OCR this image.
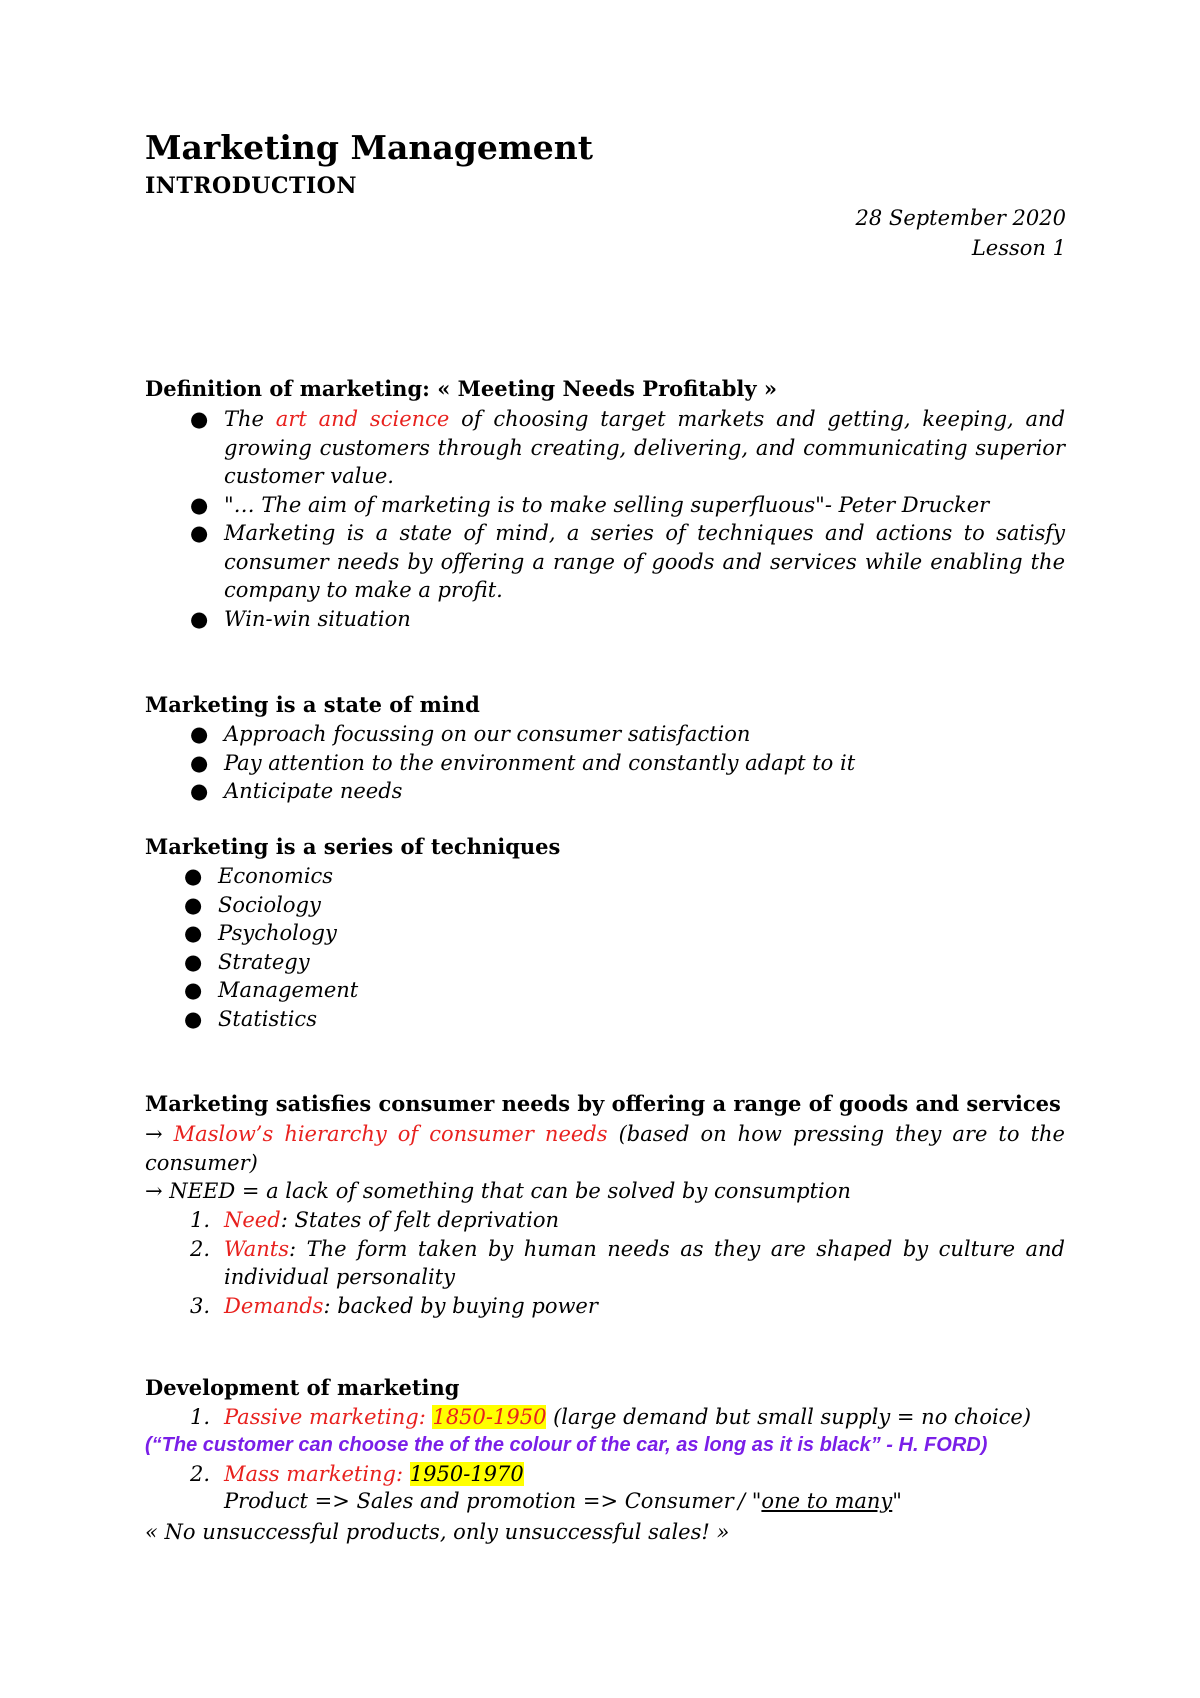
Marketing Management
INTRODUCTION
28 September 2020
Lesson 1
Definition of marketing: « Meeting Needs Profitably »
● The art and science of choosing target markets and getting, keeping, and growing customers through creating, delivering, and communicating superior customer value.
● "… The aim of marketing is to make selling superfluous"- Peter Drucker
● Marketing is a state of mind, a series of techniques and actions to satisfy consumer needs by offering a range of goods and services while enabling the company to make a profit.
● Win-win situation
Marketing is a state of mind
● Approach focussing on our consumer satisfaction
● Pay attention to the environment and constantly adapt to it
● Anticipate needs
Marketing is a series of techniques
● Economics
● Sociology
● Psychology
● Strategy
● Management
● Statistics
Marketing satisfies consumer needs by offering a range of goods and services
→ Maslow’s hierarchy of consumer needs (based on how pressing they are to the consumer)
→ NEED = a lack of something that can be solved by consumption
1. Need: States of felt deprivation
2. Wants: The form taken by human needs as they are shaped by culture and individual personality
3. Demands: backed by buying power
Development of marketing
1. Passive marketing: 1850-1950 (large demand but small supply = no choice)
(“The customer can choose the of the colour of the car, as long as it is black” - H. FORD)
2. Mass marketing: 1950-1970
Product => Sales and promotion => Consumer / "one to many"
« No unsuccessful products, only unsuccessful sales! »
